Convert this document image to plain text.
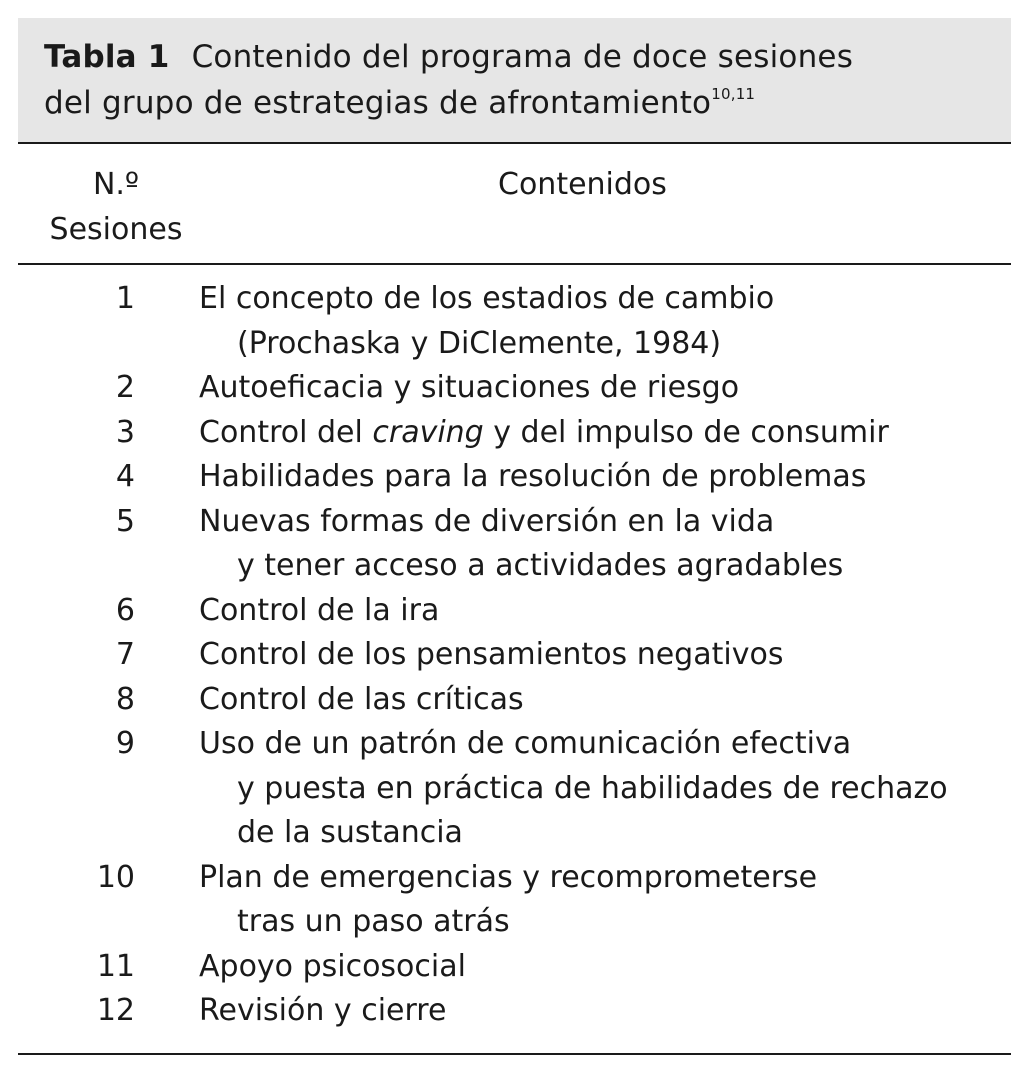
Tabla 1 Contenido del programa de doce sesiones
del grupo de estrategias de afrontamiento$^{10,11}$
N.º
Sesiones
Contenidos
1 El concepto de los estadios de cambio
(Prochaska y DiClemente, 1984)
2 Autoeficacia y situaciones de riesgo
3 Control del craving y del impulso de consumir
4 Habilidades para la resolución de problemas
5 Nuevas formas de diversión en la vida
y tener acceso a actividades agradables
6 Control de la ira
7 Control de los pensamientos negativos
8 Control de las críticas
9 Uso de un patrón de comunicación efectiva
y puesta en práctica de habilidades de rechazo
de la sustancia
10 Plan de emergencias y recomprometerse
tras un paso atrás
11 Apoyo psicosocial
12 Revisión y cierre
